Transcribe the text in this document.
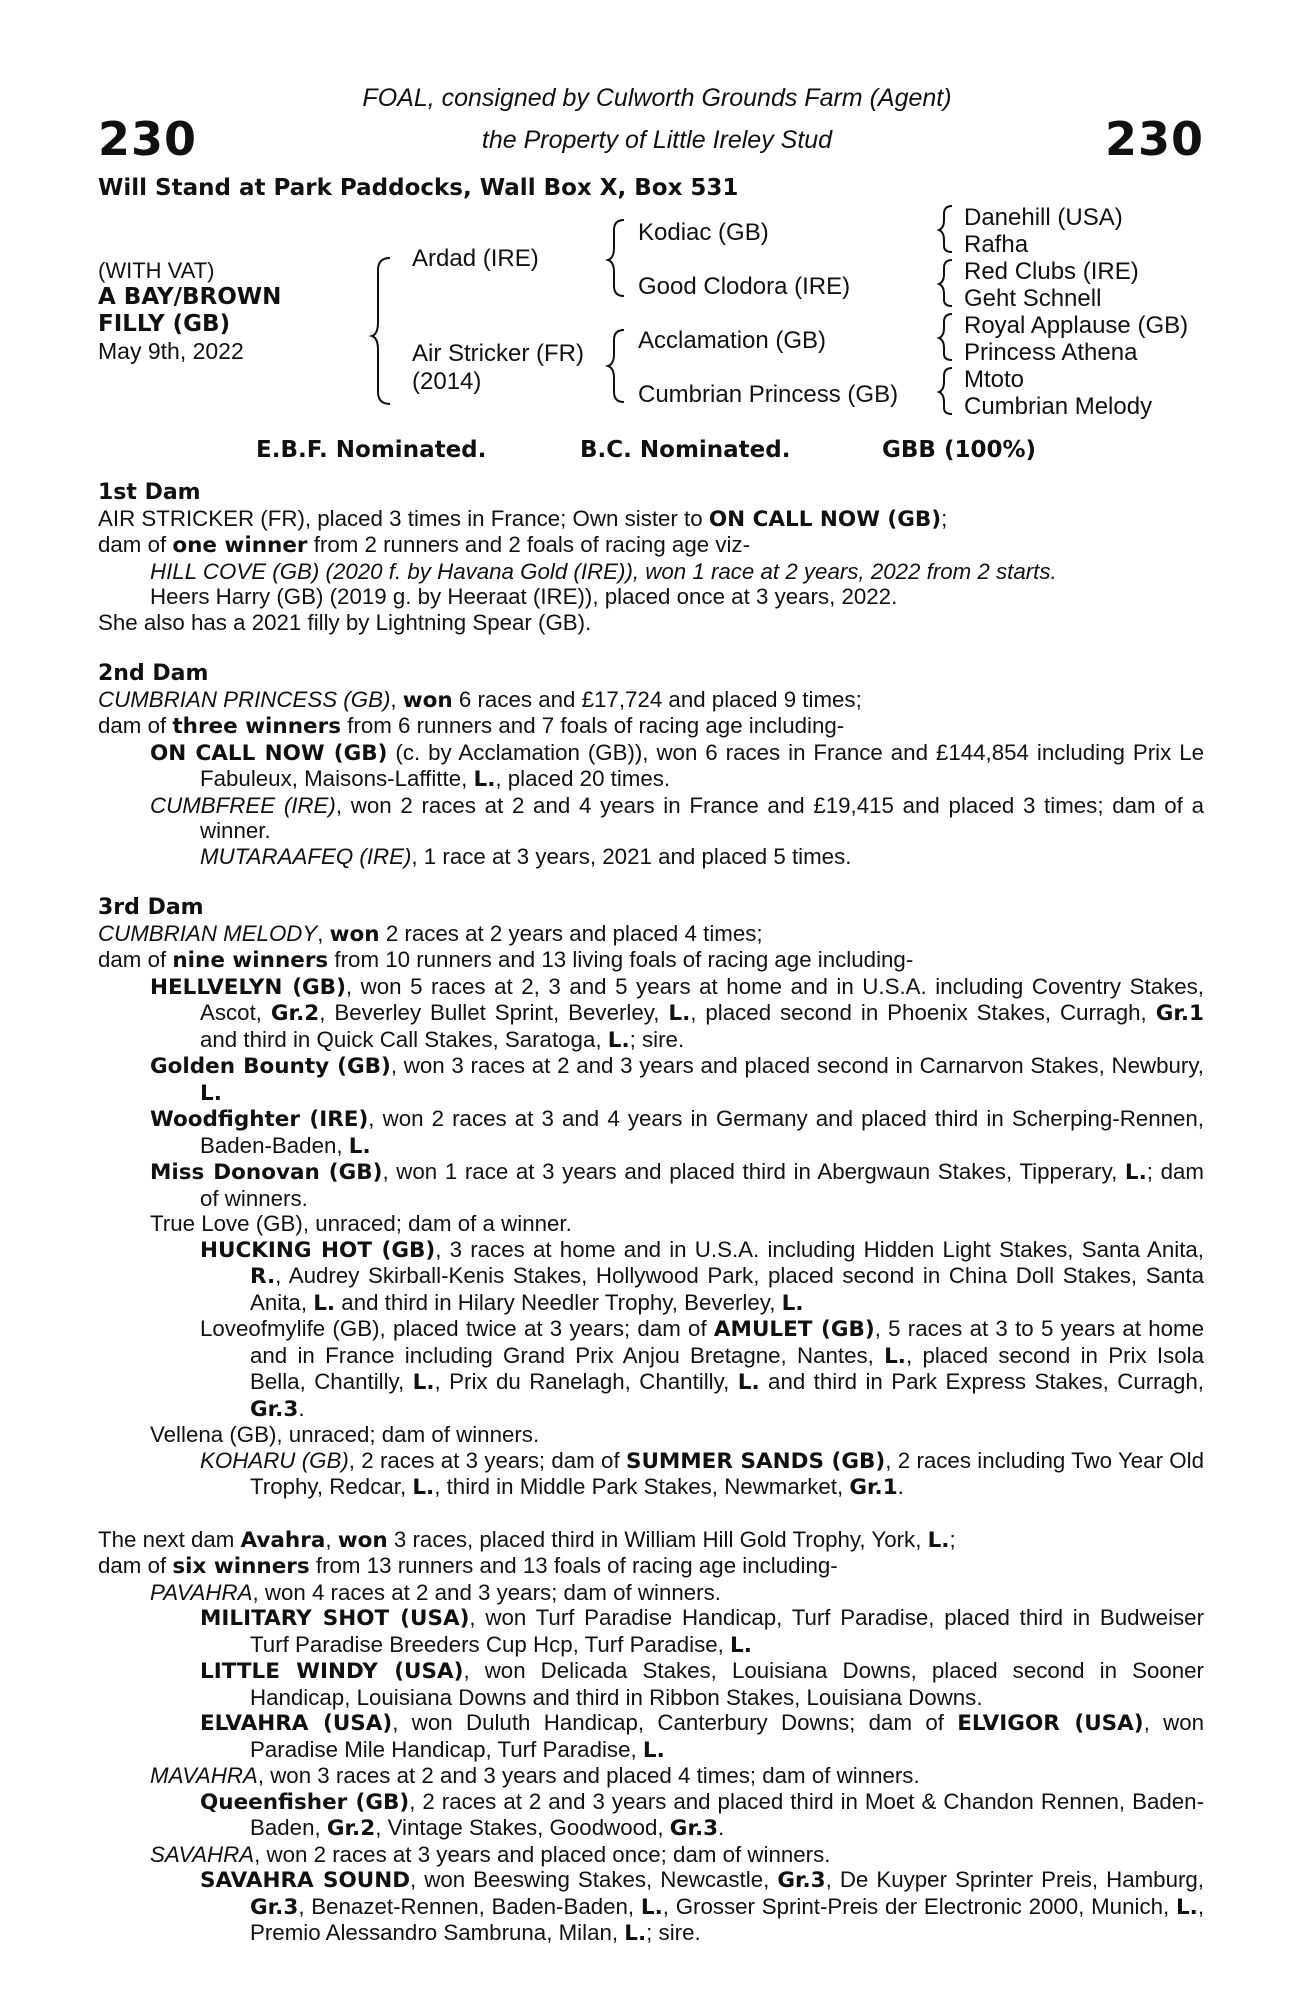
230	230
FOAL, consigned by Culworth Grounds Farm (Agent)
the Property of Little Ireley Stud
Will Stand at Park Paddocks, Wall Box X, Box 531
(WITH VAT)
A BAY/BROWN
FILLY (GB)
May 9th, 2022
Ardad (IRE)
Air Stricker (FR)
(2014)
Kodiac (GB)
Good Clodora (IRE)
Acclamation (GB)
Cumbrian Princess (GB)
Danehill (USA)
Rafha
Red Clubs (IRE)
Geht Schnell
Royal Applause (GB)
Princess Athena
Mtoto
Cumbrian Melody
E.B.F. Nominated.	B.C. Nominated.	GBB (100%)

1st Dam

AIR STRICKER (FR), placed 3 times in France; Own sister to ON CALL NOW (GB);

dam of one winner from 2 runners and 2 foals of racing age viz-

HILL COVE (GB) (2020 f. by Havana Gold (IRE)), won 1 race at 2 years, 2022 from 2 starts.

Heers Harry (GB) (2019 g. by Heeraat (IRE)), placed once at 3 years, 2022.

She also has a 2021 filly by Lightning Spear (GB).

2nd Dam

CUMBRIAN PRINCESS (GB), won 6 races and £17,724 and placed 9 times;

dam of three winners from 6 runners and 7 foals of racing age including-

ON CALL NOW (GB) (c. by Acclamation (GB)), won 6 races in France and £144,854 including Prix Le Fabuleux, Maisons-Laffitte, L., placed 20 times.

CUMBFREE (IRE), won 2 races at 2 and 4 years in France and £19,415 and placed 3 times; dam of a winner.

MUTARAAFEQ (IRE), 1 race at 3 years, 2021 and placed 5 times.

3rd Dam

CUMBRIAN MELODY, won 2 races at 2 years and placed 4 times;

dam of nine winners from 10 runners and 13 living foals of racing age including-

HELLVELYN (GB), won 5 races at 2, 3 and 5 years at home and in U.S.A. including Coventry Stakes, Ascot, Gr.2, Beverley Bullet Sprint, Beverley, L., placed second in Phoenix Stakes, Curragh, Gr.1 and third in Quick Call Stakes, Saratoga, L.; sire.

Golden Bounty (GB), won 3 races at 2 and 3 years and placed second in Carnarvon Stakes, Newbury, L.

Woodfighter (IRE), won 2 races at 3 and 4 years in Germany and placed third in Scherping-Rennen, Baden-Baden, L.

Miss Donovan (GB), won 1 race at 3 years and placed third in Abergwaun Stakes, Tipperary, L.; dam of winners.

True Love (GB), unraced; dam of a winner.

HUCKING HOT (GB), 3 races at home and in U.S.A. including Hidden Light Stakes, Santa Anita, R., Audrey Skirball-Kenis Stakes, Hollywood Park, placed second in China Doll Stakes, Santa Anita, L. and third in Hilary Needler Trophy, Beverley, L.

Loveofmylife (GB), placed twice at 3 years; dam of AMULET (GB), 5 races at 3 to 5 years at home and in France including Grand Prix Anjou Bretagne, Nantes, L., placed second in Prix Isola Bella, Chantilly, L., Prix du Ranelagh, Chantilly, L. and third in Park Express Stakes, Curragh, Gr.3.

Vellena (GB), unraced; dam of winners.

KOHARU (GB), 2 races at 3 years; dam of SUMMER SANDS (GB), 2 races including Two Year Old Trophy, Redcar, L., third in Middle Park Stakes, Newmarket, Gr.1.

The next dam Avahra, won 3 races, placed third in William Hill Gold Trophy, York, L.;

dam of six winners from 13 runners and 13 foals of racing age including-

PAVAHRA, won 4 races at 2 and 3 years; dam of winners.

MILITARY SHOT (USA), won Turf Paradise Handicap, Turf Paradise, placed third in Budweiser Turf Paradise Breeders Cup Hcp, Turf Paradise, L.

LITTLE WINDY (USA), won Delicada Stakes, Louisiana Downs, placed second in Sooner Handicap, Louisiana Downs and third in Ribbon Stakes, Louisiana Downs.

ELVAHRA (USA), won Duluth Handicap, Canterbury Downs; dam of ELVIGOR (USA), won Paradise Mile Handicap, Turf Paradise, L.

MAVAHRA, won 3 races at 2 and 3 years and placed 4 times; dam of winners.

Queenfisher (GB), 2 races at 2 and 3 years and placed third in Moet & Chandon Rennen, Baden-Baden, Gr.2, Vintage Stakes, Goodwood, Gr.3.

SAVAHRA, won 2 races at 3 years and placed once; dam of winners.

SAVAHRA SOUND, won Beeswing Stakes, Newcastle, Gr.3, De Kuyper Sprinter Preis, Hamburg, Gr.3, Benazet-Rennen, Baden-Baden, L., Grosser Sprint-Preis der Electronic 2000, Munich, L., Premio Alessandro Sambruna, Milan, L.; sire.
